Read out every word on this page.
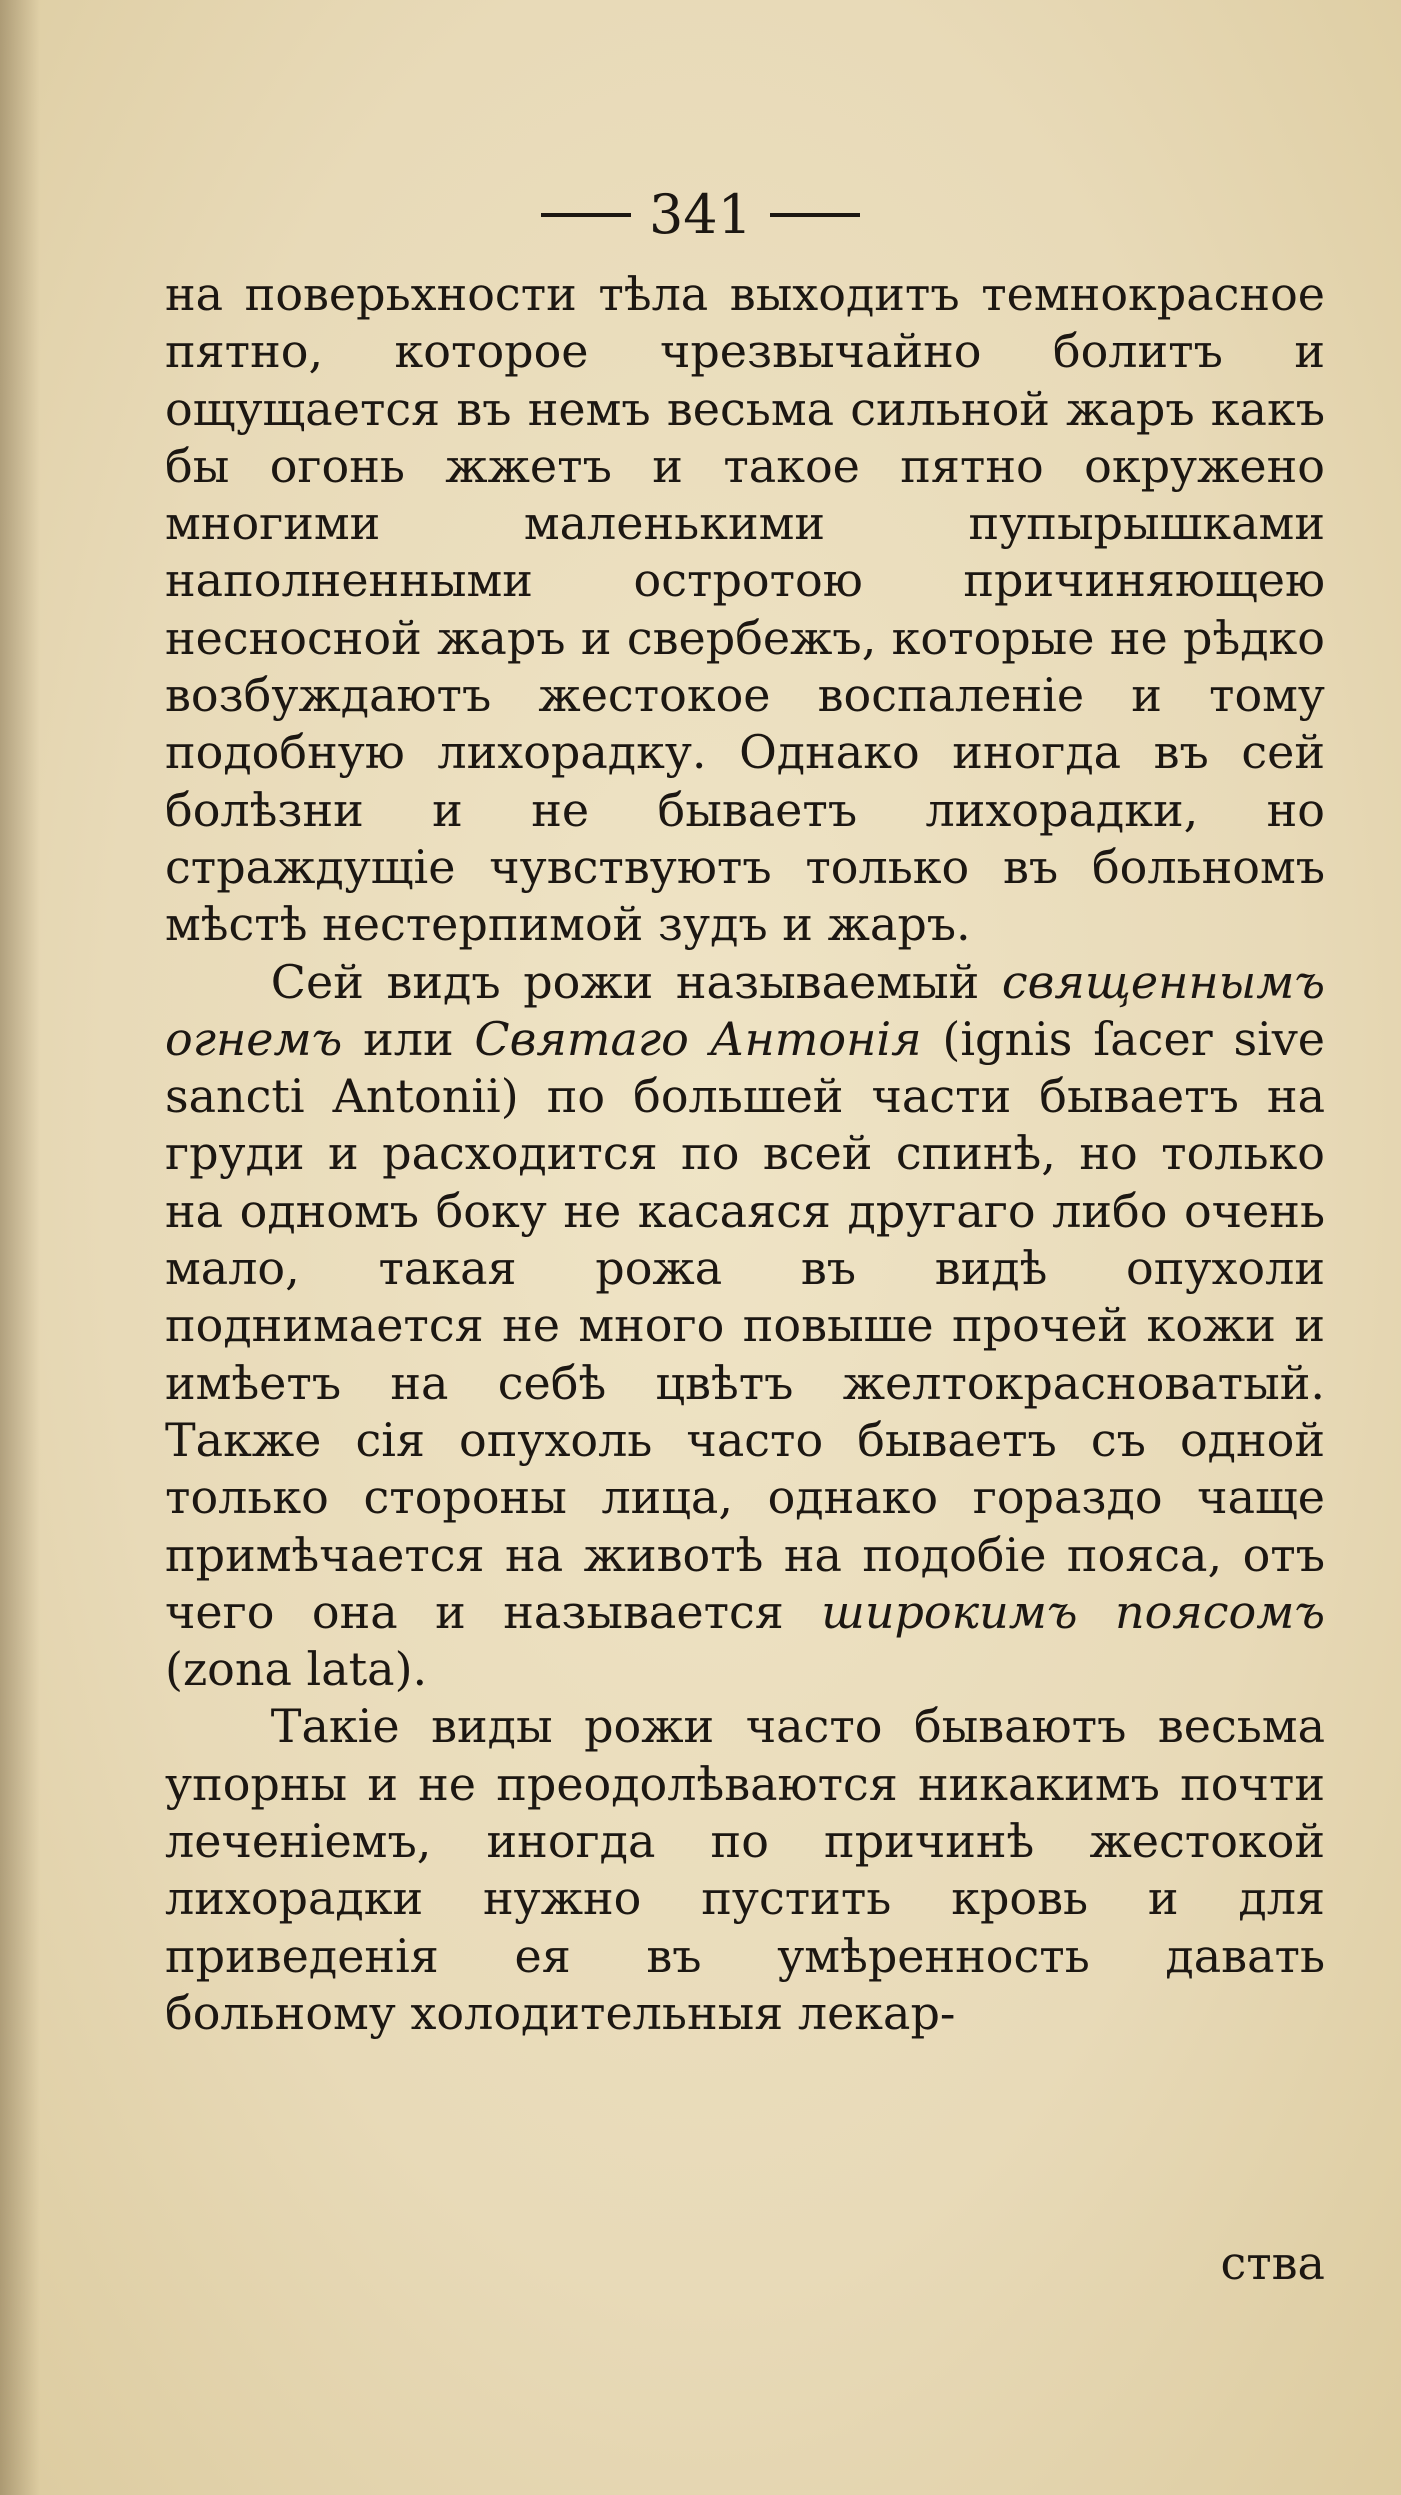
341

на поверьхности тѣла выходитъ темнокрасное пятно, которое чрезвычайно болитъ и ощущается въ немъ весьма сильной жаръ какъ бы огонь жжетъ и такое пятно окружено многими маленькими пупырышками наполненными остротою причиняющею несносной жаръ и свербежъ, которые не рѣдко возбуждаютъ жестокое воспаленіе и тому подобную лихорадку. Однако иногда въ сей болѣзни и не бываетъ лихорадки, но страждущіе чувствуютъ только въ больномъ мѣстѣ нестерпимой зудъ и жаръ.

Сей видъ рожи называемый священнымъ огнемъ или Святаго Антонія (ignis ſacer sive sanсti Antonii) по большей части бываетъ на груди и расходится по всей спинѣ, но только на одномъ боку не касаяся другаго либо очень мало, такая рожа въ видѣ опухоли поднимается не много повыше прочей кожи и имѣетъ на себѣ цвѣтъ желтокрасноватый. Также сія опухоль часто бываетъ съ одной только стороны лица, однако гораздо чаще примѣчается на животѣ на подобіе пояса, отъ чего она и называется широкимъ поясомъ (zona lata).

Такіе виды рожи часто бываютъ весьма упорны и не преодолѣваются никакимъ почти леченіемъ, иногда по причинѣ жестокой лихорадки нужно пустить кровь и для приведенія ея въ умѣренность давать больному холодительныя лекар-

ства
